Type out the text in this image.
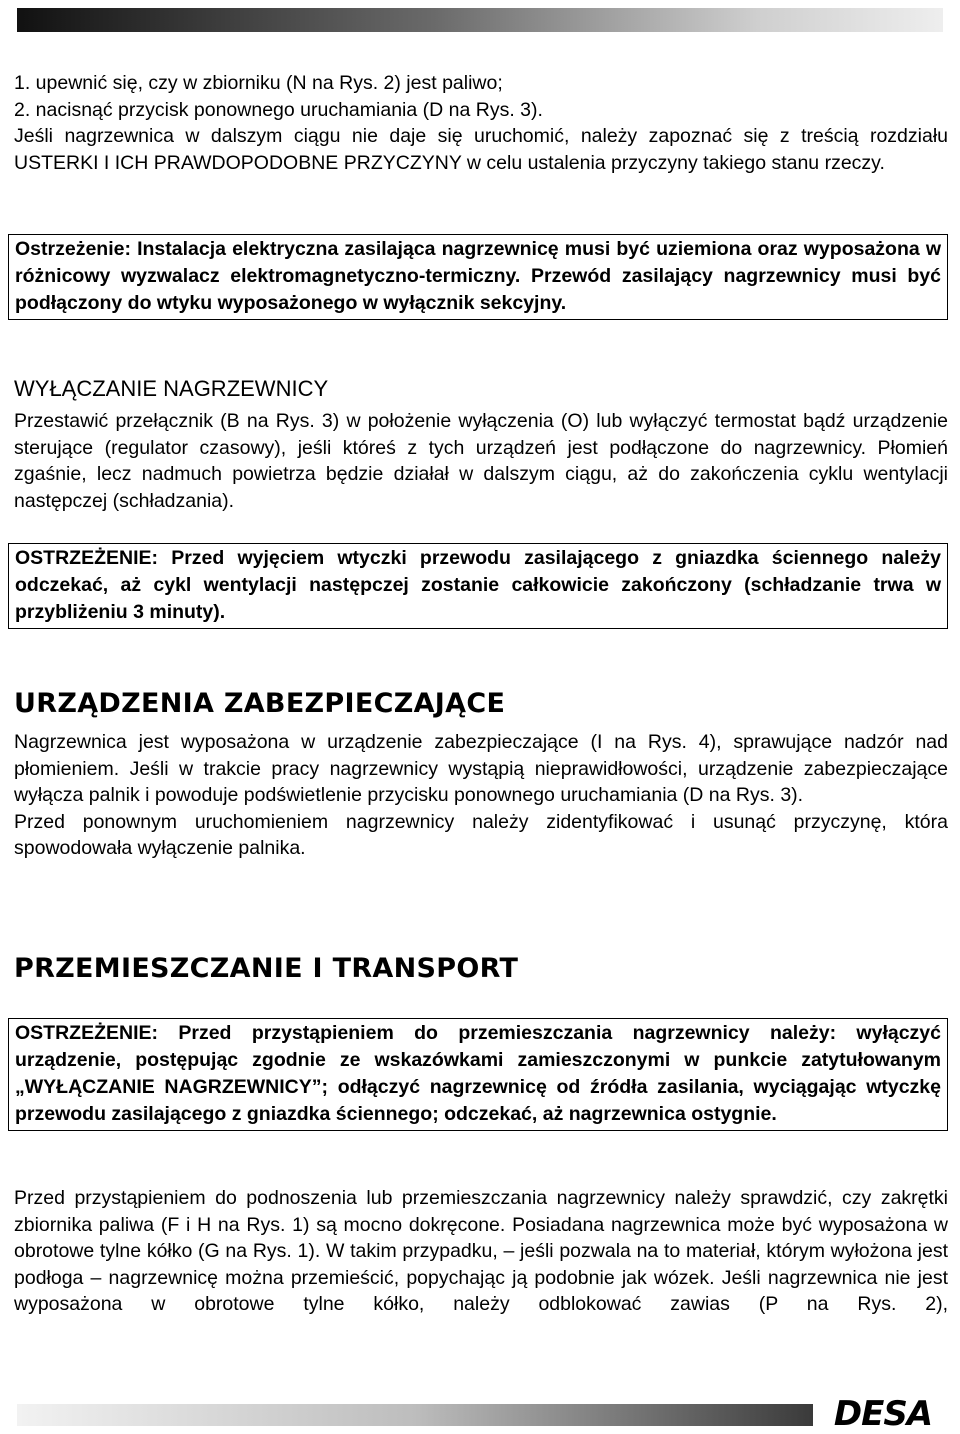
1. upewnić się, czy w zbiorniku (N na Rys. 2) jest paliwo;

2. nacisnąć przycisk ponownego uruchamiania (D na Rys. 3).

Jeśli nagrzewnica w dalszym ciągu nie daje się uruchomić, należy zapoznać się z treścią rozdziału USTERKI I ICH PRAWDOPODOBNE PRZYCZYNY w celu ustalenia przyczyny takiego stanu rzeczy.

Ostrzeżenie: Instalacja elektryczna zasilająca nagrzewnicę musi być uziemiona oraz wyposażona w różnicowy wyzwalacz elektromagnetyczno-termiczny. Przewód zasilający nagrzewnicy musi być podłączony do wtyku wyposażonego w wyłącznik sekcyjny.

WYŁĄCZANIE NAGRZEWNICY

Przestawić przełącznik (B na Rys. 3) w położenie wyłączenia (O) lub wyłączyć termostat bądź urządzenie sterujące (regulator czasowy), jeśli któreś z tych urządzeń jest podłączone do nagrzewnicy. Płomień zgaśnie, lecz nadmuch powietrza będzie działał w dalszym ciągu, aż do zakończenia cyklu wentylacji następczej (schładzania).

OSTRZEŻENIE: Przed wyjęciem wtyczki przewodu zasilającego z gniazdka ściennego należy odczekać, aż cykl wentylacji następczej zostanie całkowicie zakończony (schładzanie trwa w przybliżeniu 3 minuty).

URZĄDZENIA ZABEZPIECZAJĄCE

Nagrzewnica jest wyposażona w urządzenie zabezpieczające (I na Rys. 4), sprawujące nadzór nad płomieniem. Jeśli w trakcie pracy nagrzewnicy wystąpią nieprawidłowości, urządzenie zabezpieczające wyłącza palnik i powoduje podświetlenie przycisku ponownego uruchamiania (D na Rys. 3).

Przed ponownym uruchomieniem nagrzewnicy należy zidentyfikować i usunąć przyczynę, która spowodowała wyłączenie palnika.

PRZEMIESZCZANIE I TRANSPORT

OSTRZEŻENIE: Przed przystąpieniem do przemieszczania nagrzewnicy należy: wyłączyć urządzenie, postępując zgodnie ze wskazówkami zamieszczonymi w punkcie zatytułowanym „WYŁĄCZANIE NAGRZEWNICY”; odłączyć nagrzewnicę od źródła zasilania, wyciągając wtyczkę przewodu zasilającego z gniazdka ściennego; odczekać, aż nagrzewnica ostygnie.

Przed przystąpieniem do podnoszenia lub przemieszczania nagrzewnicy należy sprawdzić, czy zakrętki zbiornika paliwa (F i H na Rys. 1) są mocno dokręcone. Posiadana nagrzewnica może być wyposażona w obrotowe tylne kółko (G na Rys. 1). W takim przypadku, – jeśli pozwala na to materiał, którym wyłożona jest podłoga – nagrzewnicę można przemieścić, popychając ją podobnie jak wózek. Jeśli nagrzewnica nie jest wyposażona w obrotowe tylne kółko, należy odblokować zawias (P na Rys. 2),

DESA
